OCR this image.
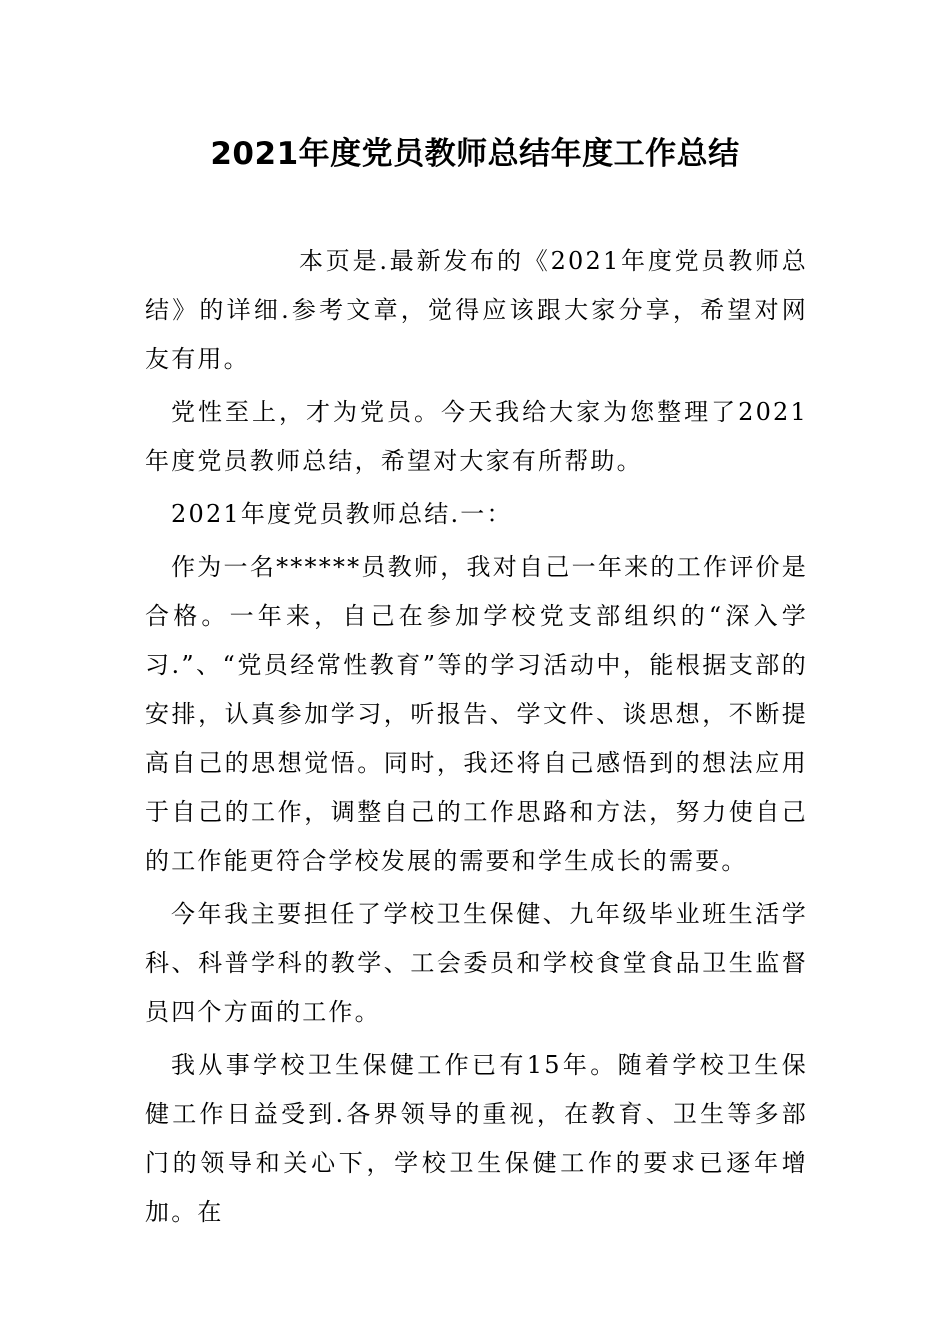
2021年度党员教师总结年度工作总结

本页是.最新发布的《2021年度党员教师总结》的详细.参考文章，觉得应该跟大家分享，希望对网友有用。

党性至上，才为党员。今天我给大家为您整理了2021年度党员教师总结，希望对大家有所帮助。

2021年度党员教师总结.一：

作为一名******员教师，我对自己一年来的工作评价是合格。一年来，自己在参加学校党支部组织的“深入学习.”、“党员经常性教育”等的学习活动中，能根据支部的安排，认真参加学习，听报告、学文件、谈思想，不断提高自己的思想觉悟。同时，我还将自己感悟到的想法应用于自己的工作，调整自己的工作思路和方法，努力使自己的工作能更符合学校发展的需要和学生成长的需要。

今年我主要担任了学校卫生保健、九年级毕业班生活学科、科普学科的教学、工会委员和学校食堂食品卫生监督员四个方面的工作。

我从事学校卫生保健工作已有15年。随着学校卫生保健工作日益受到.各界领导的重视，在教育、卫生等多部门的领导和关心下，学校卫生保健工作的要求已逐年增加。在
